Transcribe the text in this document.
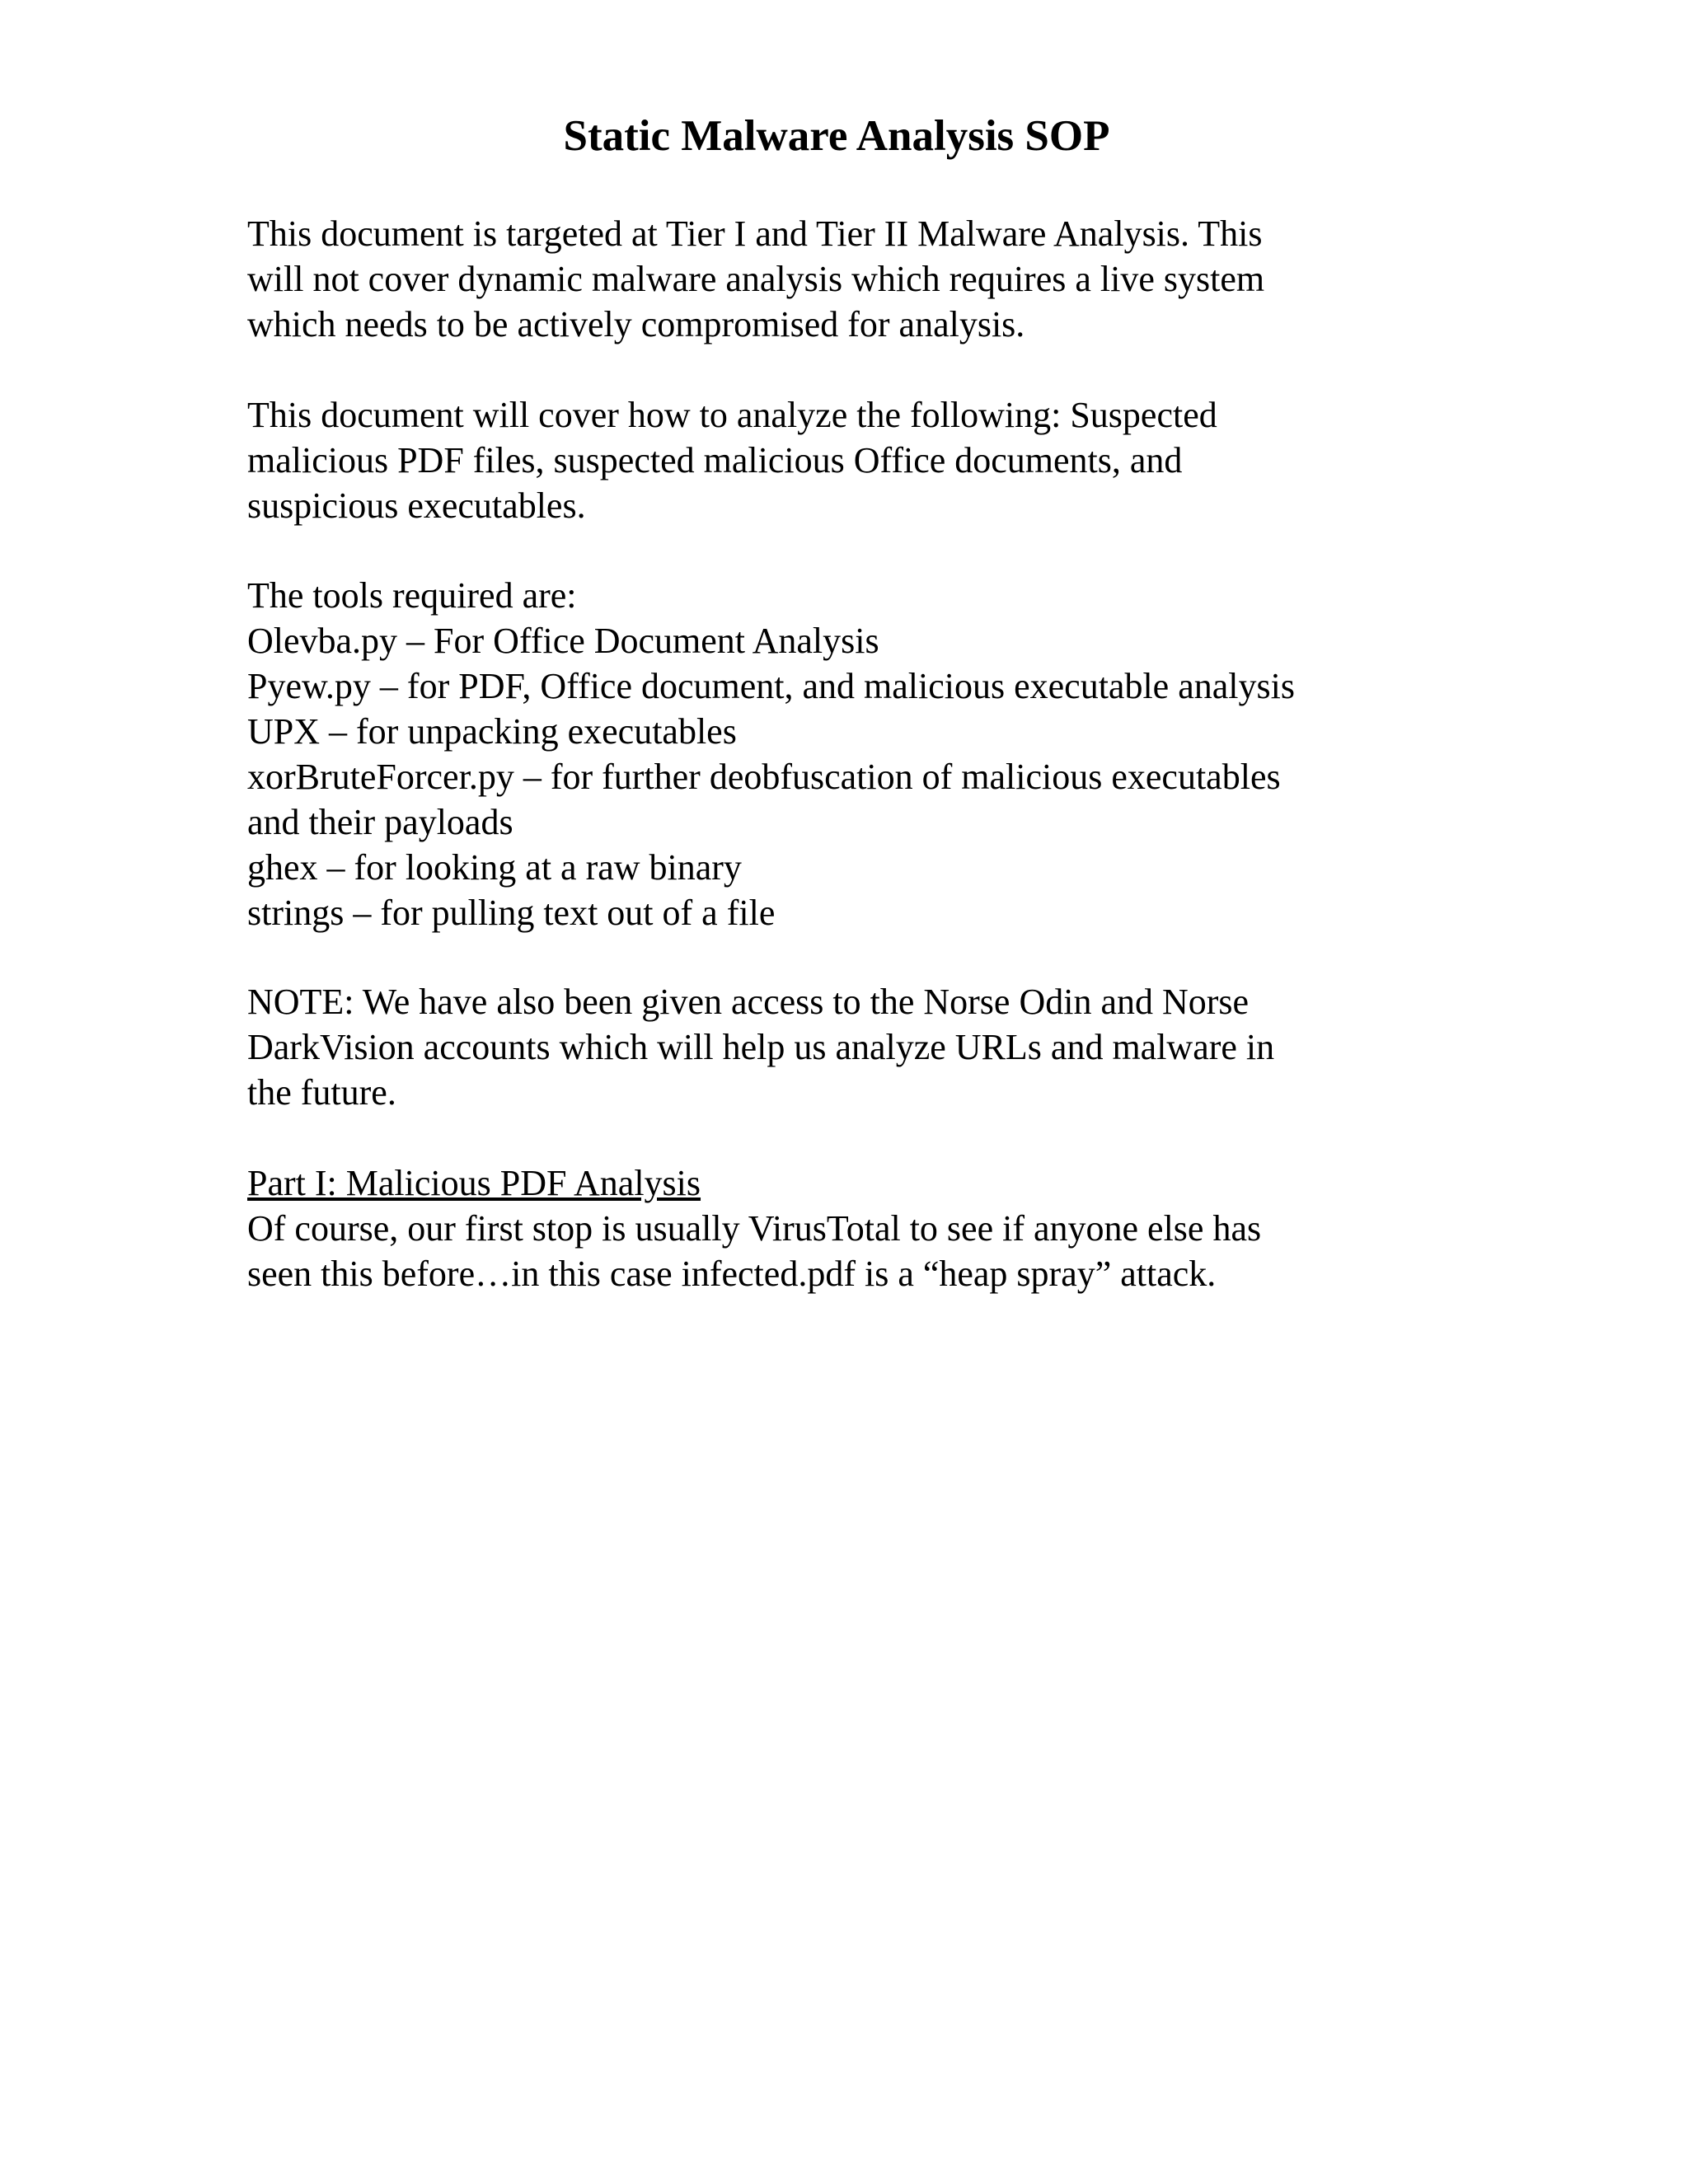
Static Malware Analysis SOP
This document is targeted at Tier I and Tier II Malware Analysis. This
will not cover dynamic malware analysis which requires a live system
which needs to be actively compromised for analysis.
This document will cover how to analyze the following: Suspected
malicious PDF files, suspected malicious Office documents, and
suspicious executables.
The tools required are:
Olevba.py – For Office Document Analysis
Pyew.py – for PDF, Office document, and malicious executable analysis
UPX – for unpacking executables
xorBruteForcer.py – for further deobfuscation of malicious executables
and their payloads
ghex – for looking at a raw binary
strings – for pulling text out of a file
NOTE: We have also been given access to the Norse Odin and Norse
DarkVision accounts which will help us analyze URLs and malware in
the future.
Part I: Malicious PDF Analysis
Of course, our first stop is usually VirusTotal to see if anyone else has
seen this before…in this case infected.pdf is a “heap spray” attack.
